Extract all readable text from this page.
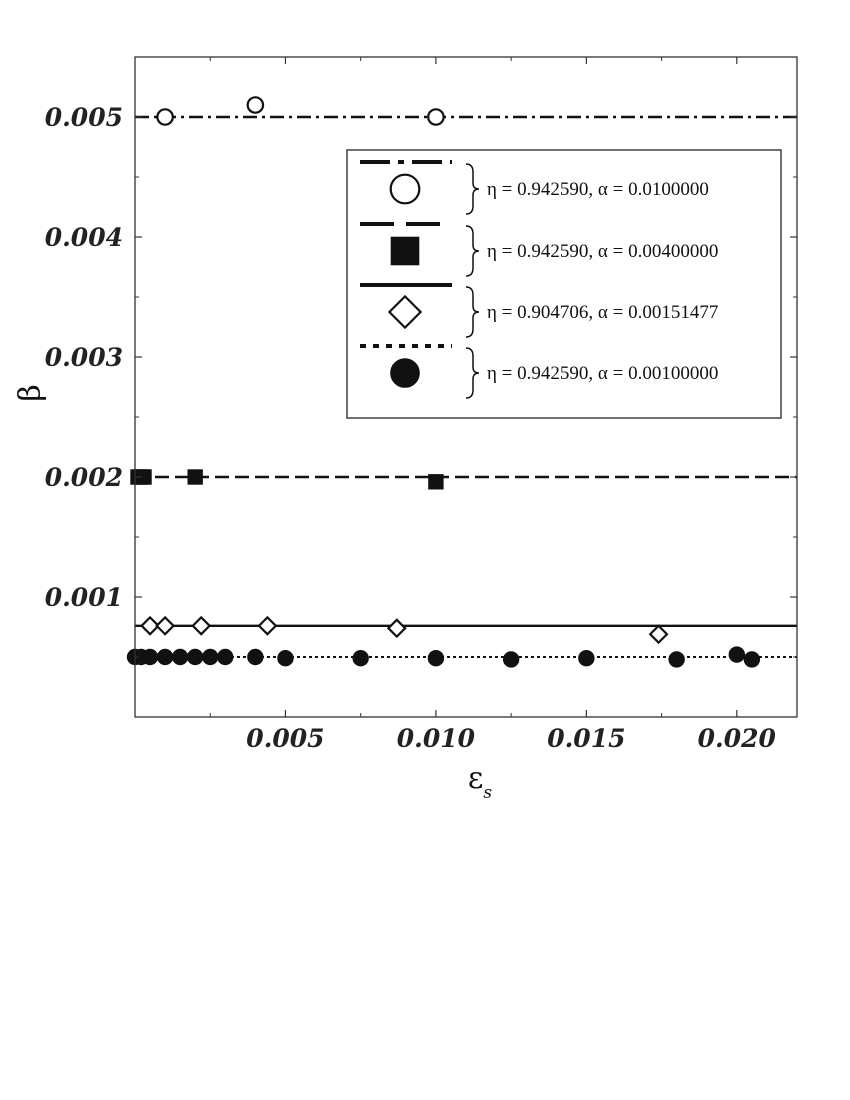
0.005	0.010	0.015	0.020
0.001
0.002
0.003
0.004
0.005
β
$\varepsilon_s$
η = 0.942590, α = 0.0100000
η = 0.942590, α = 0.00400000
η = 0.904706, α = 0.00151477
η = 0.942590, α = 0.00100000
